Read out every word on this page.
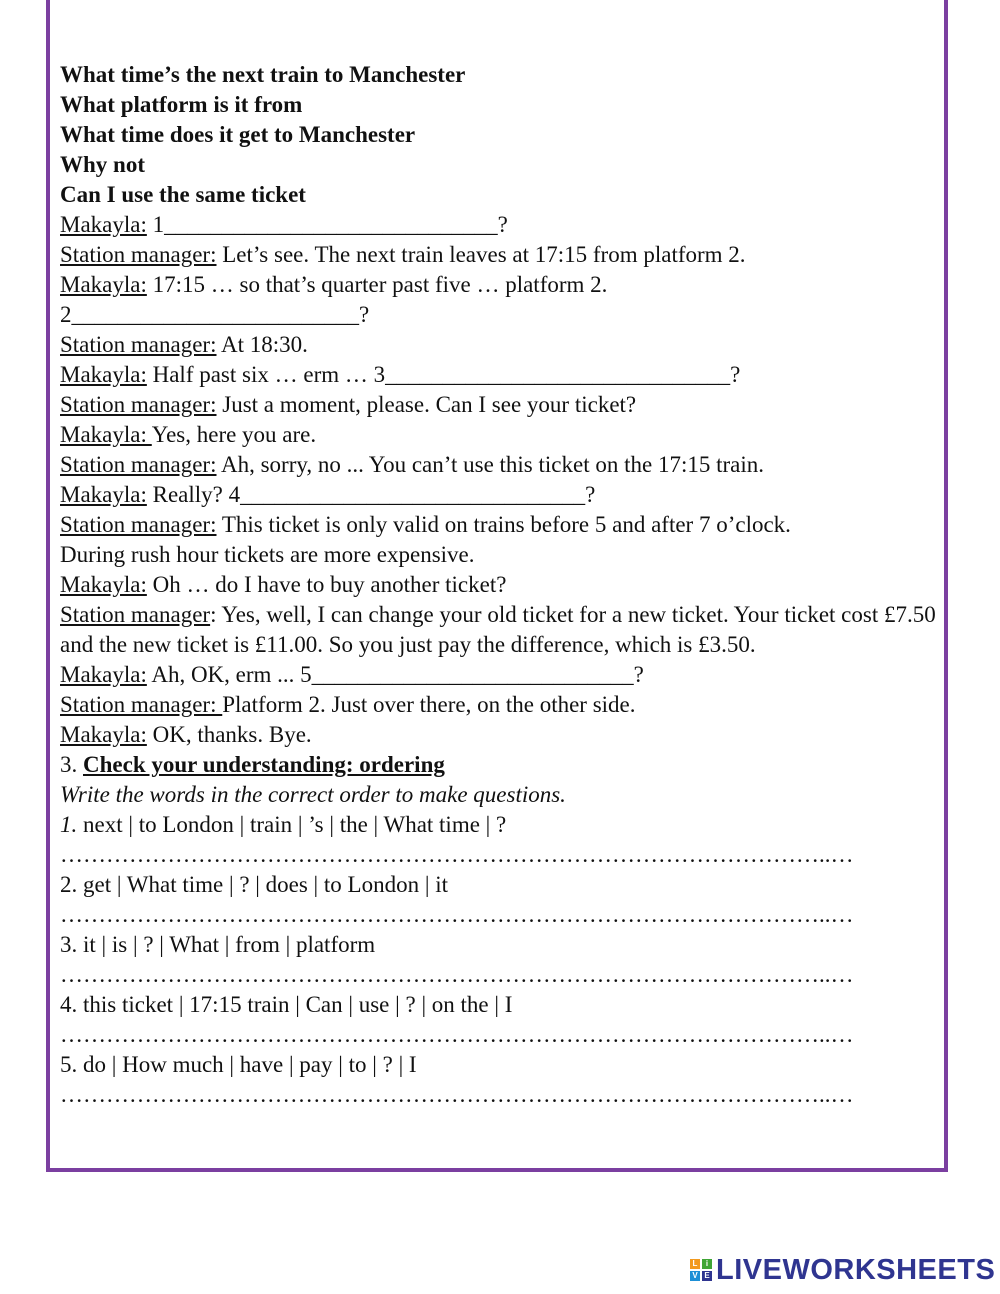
What time’s the next train to Manchester
What platform is it from
What time does it get to Manchester
Why not
Can I use the same ticket
Makayla: 1_____________________________?
Station manager: Let’s see. The next train leaves at 17:15 from platform 2.
Makayla: 17:15 … so that’s quarter past five … platform 2.
2_________________________?
Station manager: At 18:30.
Makayla: Half past six … erm … 3______________________________?
Station manager: Just a moment, please. Can I see your ticket?
Makayla: Yes, here you are.
Station manager: Ah, sorry, no ... You can’t use this ticket on the 17:15 train.
Makayla: Really? 4______________________________?
Station manager: This ticket is only valid on trains before 5 and after 7 o’clock.
During rush hour tickets are more expensive.
Makayla: Oh … do I have to buy another ticket?
Station manager: Yes, well, I can change your old ticket for a new ticket. Your ticket cost £7.50 and the new ticket is £11.00. So you just pay the difference, which is £3.50.
Makayla: Ah, OK, erm ... 5____________________________?
Station manager: Platform 2. Just over there, on the other side.
Makayla: OK, thanks. Bye.
3. Check your understanding: ordering
Write the words in the correct order to make questions.
1. next | to London | train | ’s | the | What time | ?
………………………………………………………………………………………..…
2. get | What time | ? | does | to London | it
………………………………………………………………………………………..…
3. it | is | ? | What | from | platform
………………………………………………………………………………………..…
4. this ticket | 17:15 train | Can | use | ? | on the | I
………………………………………………………………………………………..…
5. do | How much | have | pay | to | ? | I
………………………………………………………………………………………..…
L	i
V E LIVEWORKSHEETS
